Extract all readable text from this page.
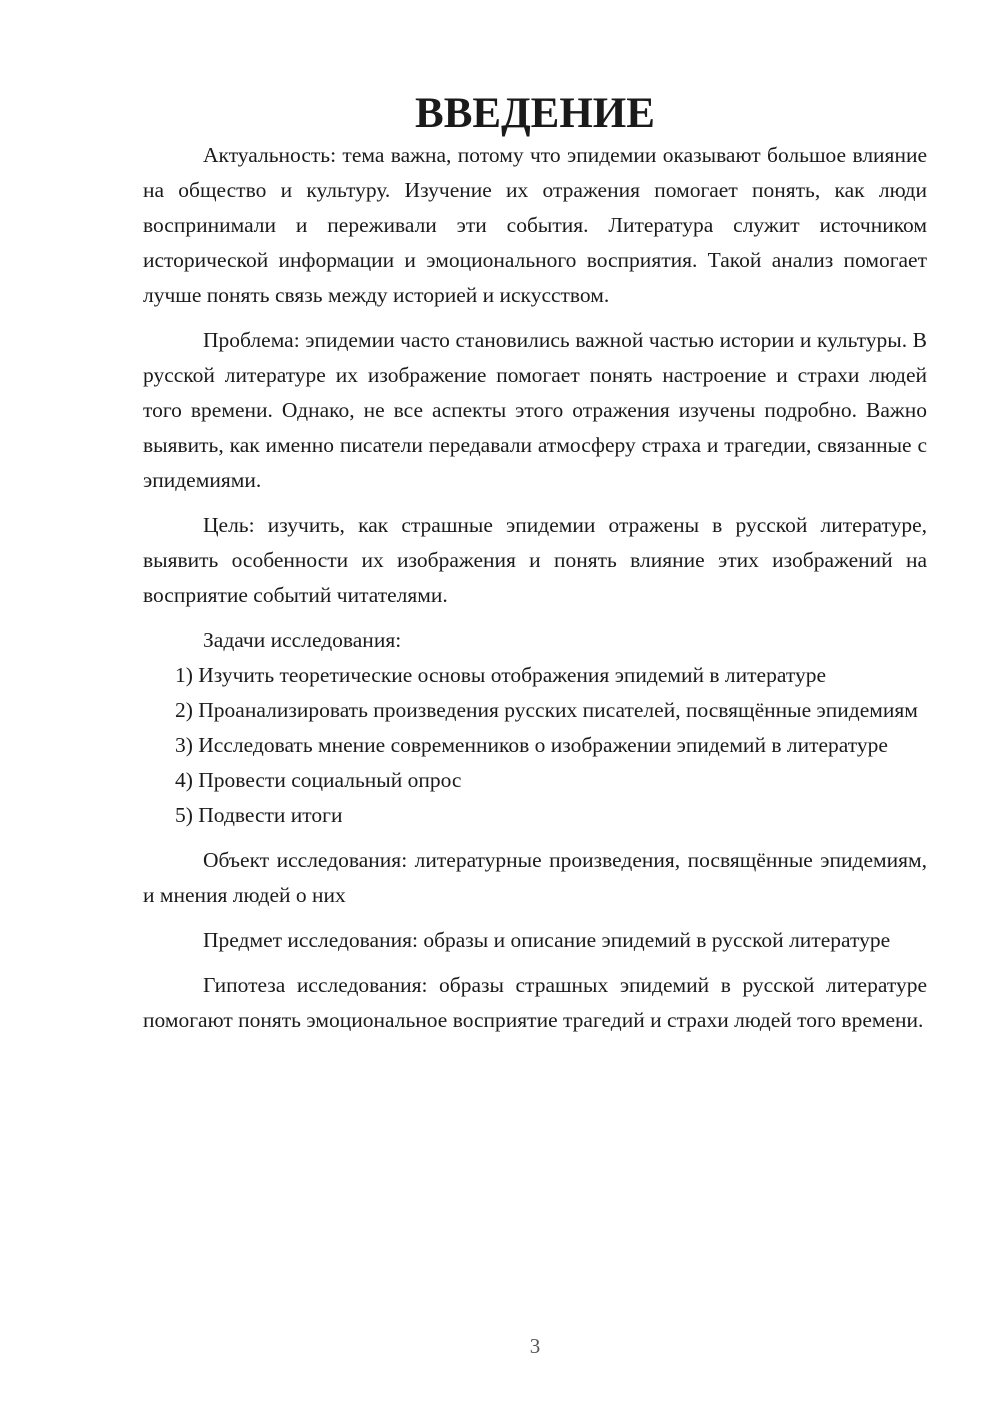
ВВЕДЕНИЕ

Актуальность: тема важна, потому что эпидемии оказывают большое влияние на общество и культуру. Изучение их отражения помогает понять, как люди воспринимали и переживали эти события. Литература служит источником исторической информации и эмоционального восприятия. Такой анализ помогает лучше понять связь между историей и искусством.

Проблема: эпидемии часто становились важной частью истории и культуры. В русской литературе их изображение помогает понять настроение и страхи людей того времени. Однако, не все аспекты этого отражения изучены подробно. Важно выявить, как именно писатели передавали атмосферу страха и трагедии, связанные с эпидемиями.

Цель: изучить, как страшные эпидемии отражены в русской литературе, выявить особенности их изображения и понять влияние этих изображений на восприятие событий читателями.

Задачи исследования:

1) Изучить теоретические основы отображения эпидемий в литературе

2) Проанализировать произведения русских писателей, посвящённые эпидемиям

3) Исследовать мнение современников о изображении эпидемий в литературе

4) Провести социальный опрос

5) Подвести итоги

Объект исследования: литературные произведения, посвящённые эпидемиям, и мнения людей о них

Предмет исследования: образы и описание эпидемий в русской литературе

Гипотеза исследования: образы страшных эпидемий в русской литературе помогают понять эмоциональное восприятие трагедий и страхи людей того времени.

3
